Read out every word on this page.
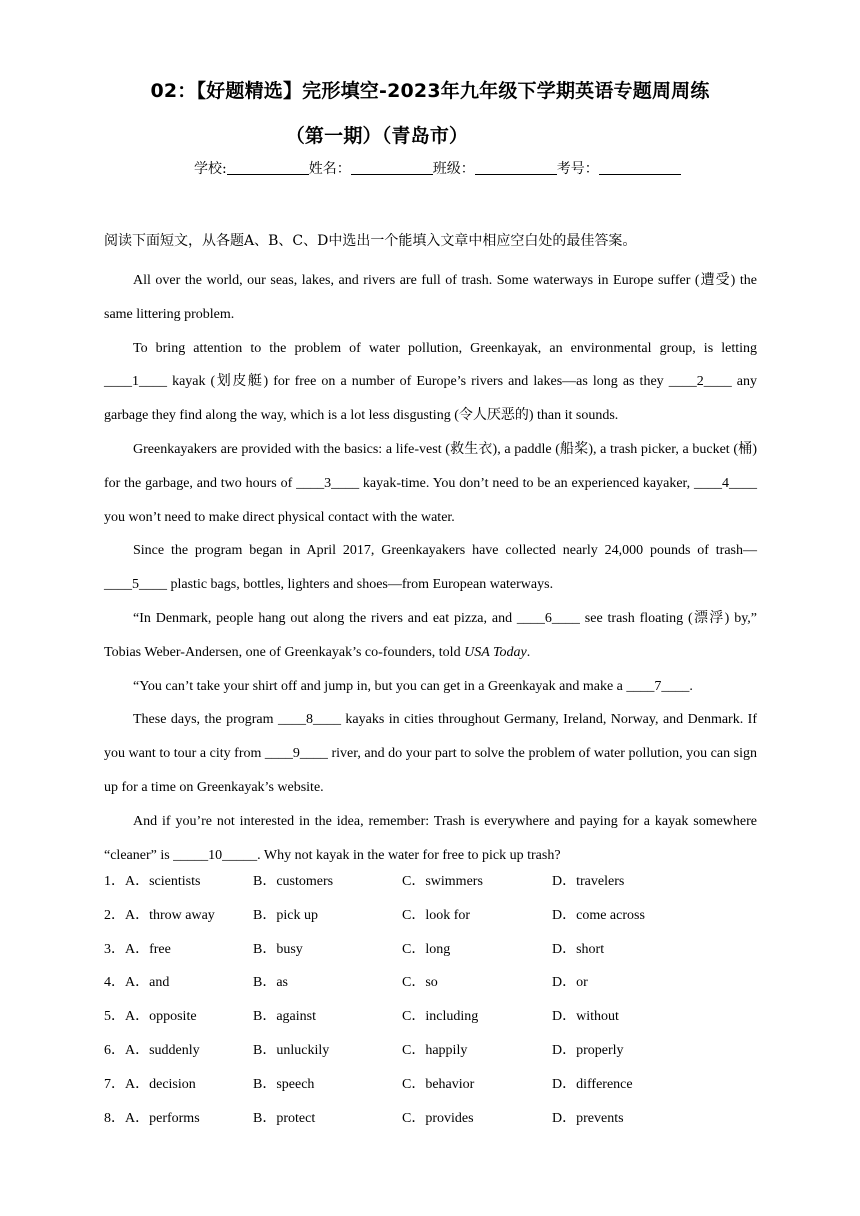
02：【好题精选】完形填空-2023年九年级下学期英语专题周周练
（第一期）（青岛市）
学校:	姓名：	班级：	考号：
阅读下面短文，从各题A、B、C、D中选出一个能填入文章中相应空白处的最佳答案。

All over the world, our seas, lakes, and rivers are full of trash. Some waterways in Europe suffer (遭受) the same littering problem.

To bring attention to the problem of water pollution, Greenkayak, an environmental group, is letting ____1____ kayak (划皮艇) for free on a number of Europe’s rivers and lakes—as long as they ____2____ any garbage they find along the way, which is a lot less disgusting (令人厌恶的) than it sounds.

Greenkayakers are provided with the basics: a life-vest (救生衣), a paddle (船桨), a trash picker, a bucket (桶) for the garbage, and two hours of ____3____ kayak-time. You don’t need to be an experienced kayaker, ____4____ you won’t need to make direct physical contact with the water.

Since the program began in April 2017, Greenkayakers have collected nearly 24,000 pounds of trash—____5____ plastic bags, bottles, lighters and shoes—from European waterways.

“In Denmark, people hang out along the rivers and eat pizza, and ____6____ see trash floating (漂浮) by,” Tobias Weber-Andersen, one of Greenkayak’s co-founders, told USA Today.

“You can’t take your shirt off and jump in, but you can get in a Greenkayak and make a ____7____.

These days, the program ____8____ kayaks in cities throughout Germany, Ireland, Norway, and Denmark. If you want to tour a city from ____9____ river, and do your part to solve the problem of water pollution, you can sign up for a time on Greenkayak’s website.

And if you’re not interested in the idea, remember: Trash is everywhere and paying for a kayak somewhere “cleaner” is _____10_____. Why not kayak in the water for free to pick up trash?

1．A．scientists	B．customers	C．swimmers	D．travelers
2．A．throw away	B．pick up	C．look for	D．come across
3．A．free	B．busy	C．long	D．short
4．A．and	B．as	C．so	D．or
5．A．opposite	B．against	C．including	D．without
6．A．suddenly	B．unluckily	C．happily	D．properly
7．A．decision	B．speech	C．behavior	D．difference
8．A．performs	B．protect	C．provides	D．prevents
